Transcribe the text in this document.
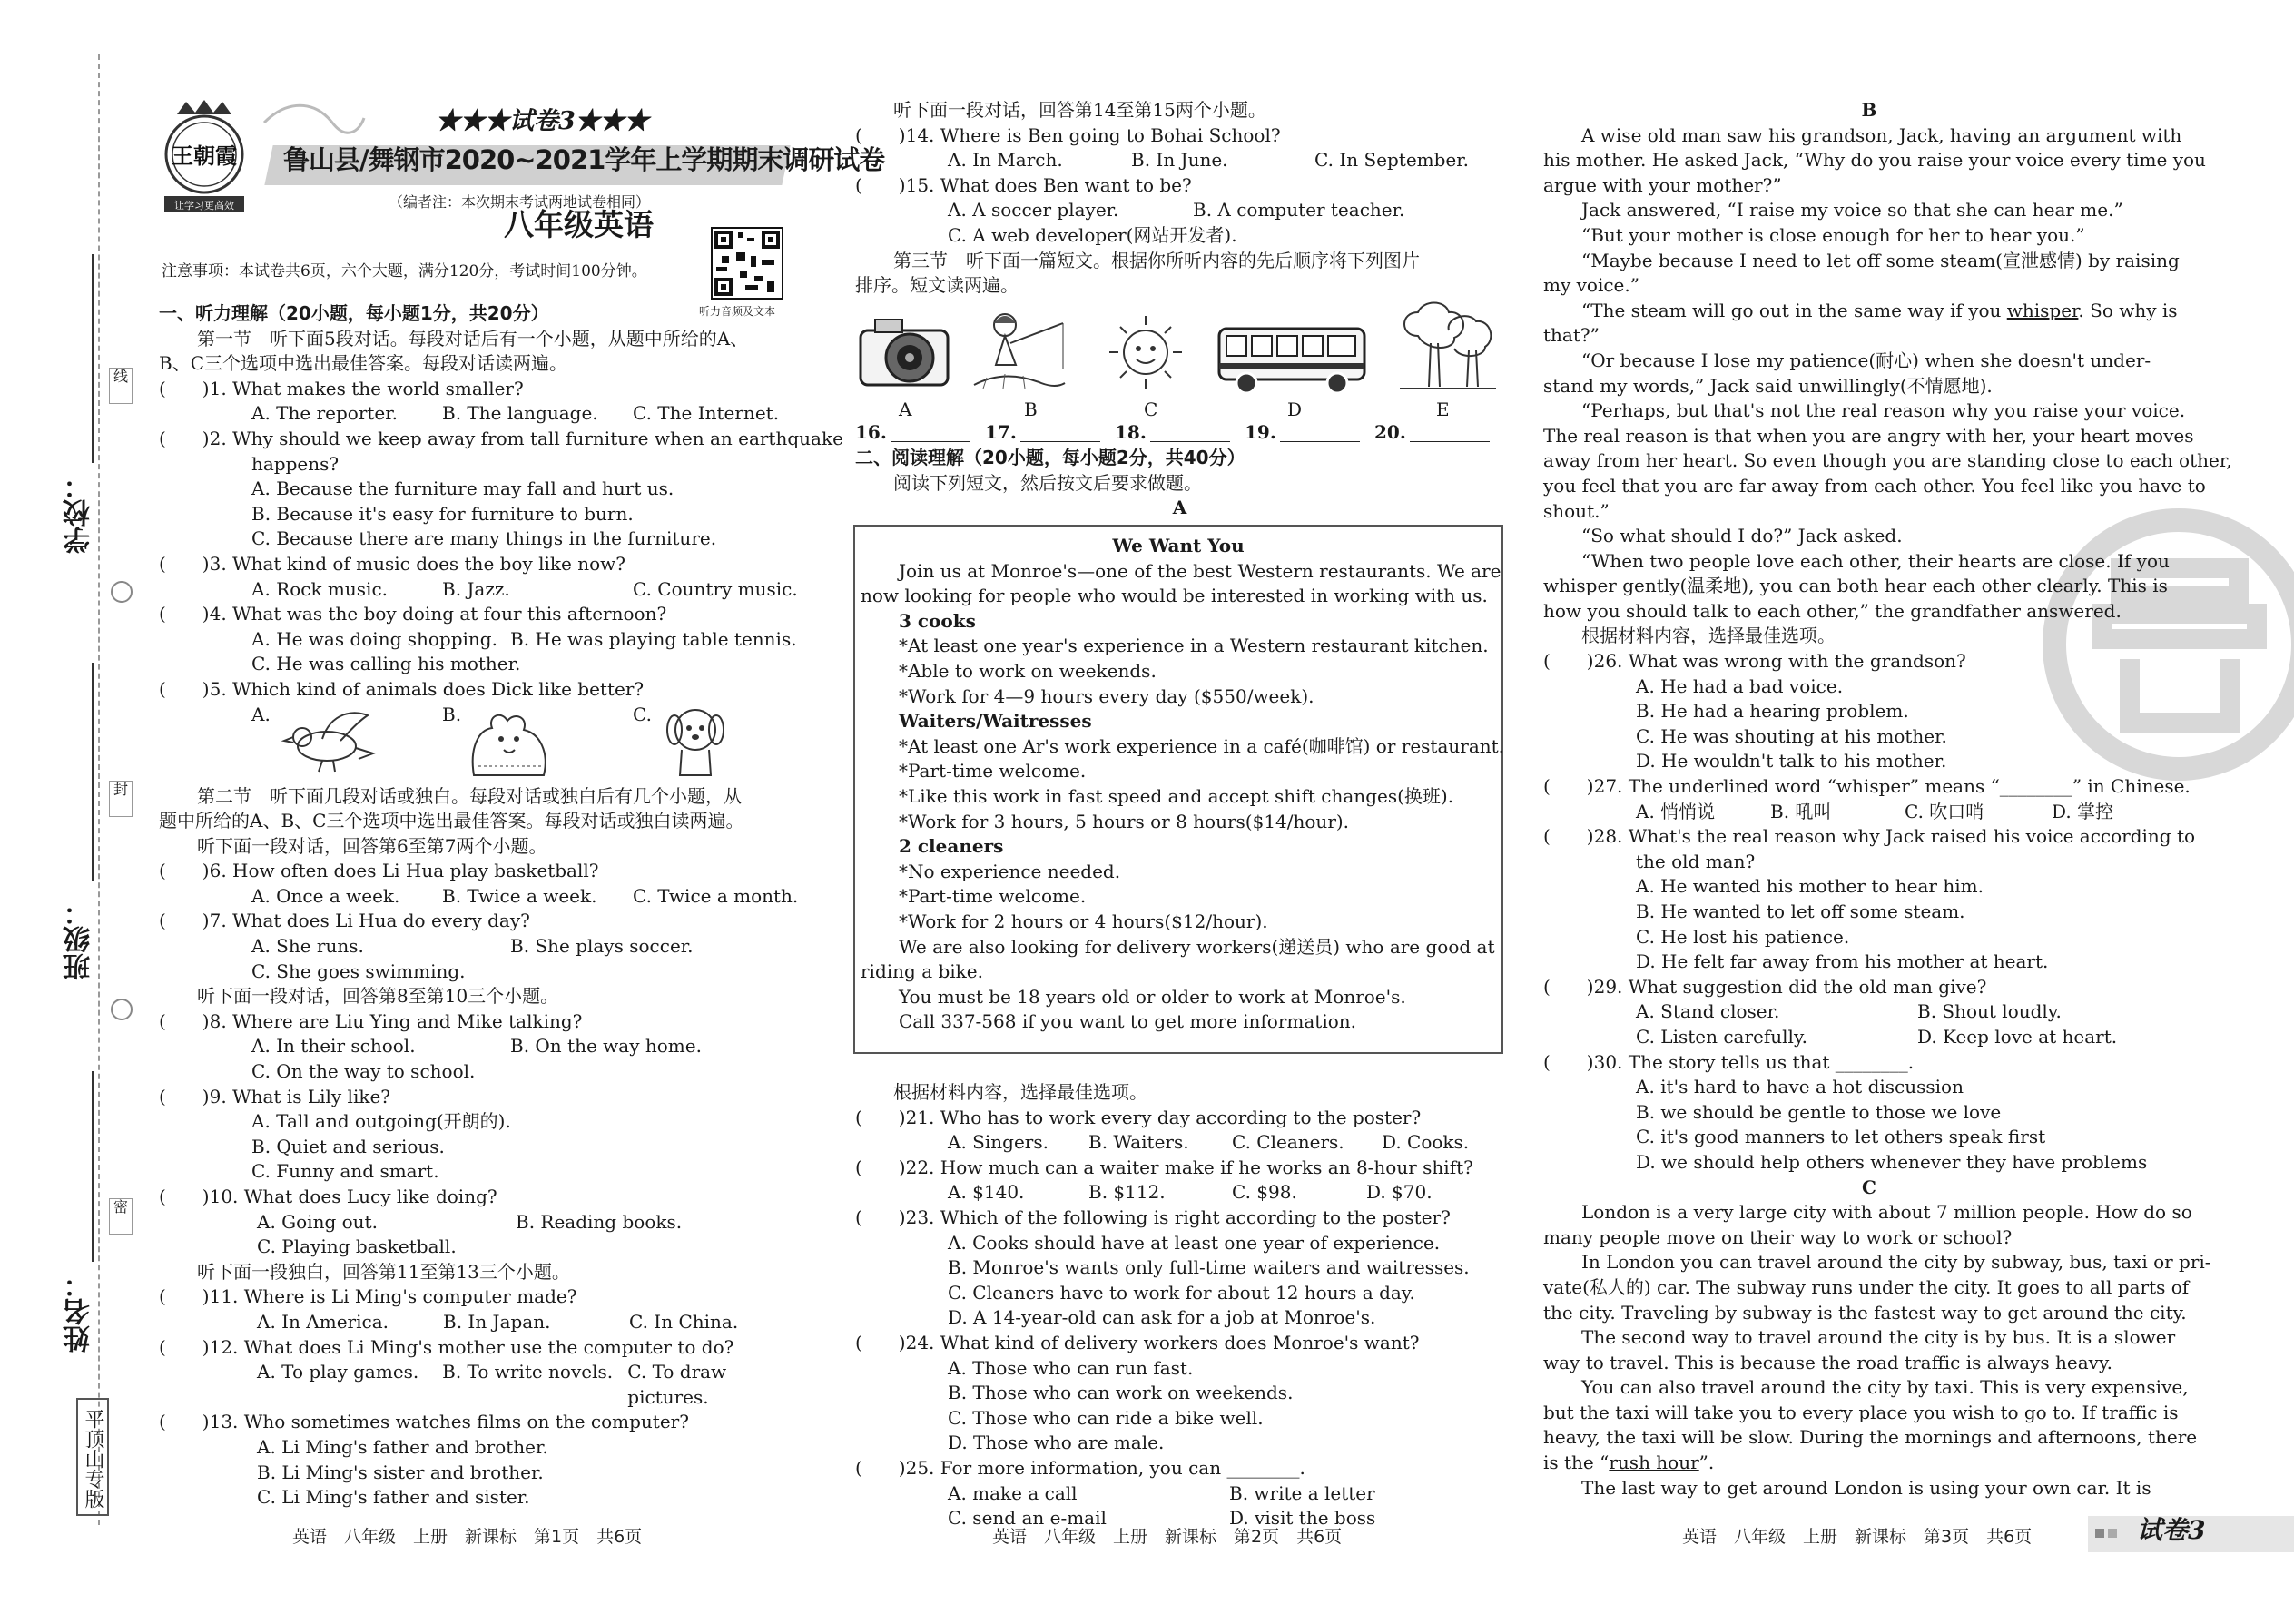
线
封
密
学校：
班级：
姓名：
平顶山专版
王朝霞
让学习更高效
★★★试卷3★★★
鲁山县/舞钢市2020~2021学年上学期期末调研试卷
（编者注：本次期末考试两地试卷相同）
八年级英语
注意事项：本试卷共6页，六个大题，满分120分，考试时间100分钟。
听力音频及文本
一、听力理解（20小题，每小题1分，共20分）
第一节　听下面5段对话。每段对话后有一个小题，从题中所给的A、
B、C三个选项中选出最佳答案。每段对话读两遍。
(　　)1. What makes the world smaller?
A. The reporter.	B. The language.	C. The Internet.
(　　)2. Why should we keep away from tall furniture when an earthquake
happens?
A. Because the furniture may fall and hurt us.
B. Because it's easy for furniture to burn.
C. Because there are many things in the furniture.
(　　)3. What kind of music does the boy like now?
A. Rock music.	B. Jazz.	C. Country music.
(　　)4. What was the boy doing at four this afternoon?
A. He was doing shopping. B. He was playing table tennis.
C. He was calling his mother.
(　　)5. Which kind of animals does Dick like better?
A.	B.	C.
第二节　听下面几段对话或独白。每段对话或独白后有几个小题，从
题中所给的A、B、C三个选项中选出最佳答案。每段对话或独白读两遍。
听下面一段对话，回答第6至第7两个小题。
(　　)6. How often does Li Hua play basketball?
A. Once a week.	B. Twice a week.	C. Twice a month.
(　　)7. What does Li Hua do every day?
A. She runs.	B. She plays soccer.
C. She goes swimming.
听下面一段对话，回答第8至第10三个小题。
(　　)8. Where are Liu Ying and Mike talking?
A. In their school.	B. On the way home.
C. On the way to school.
(　　)9. What is Lily like?
A. Tall and outgoing(开朗的).
B. Quiet and serious.
C. Funny and smart.
(　　)10. What does Lucy like doing?
A. Going out.	B. Reading books.
C. Playing basketball.
听下面一段独白，回答第11至第13三个小题。
(　　)11. Where is Li Ming's computer made?
A. In America.	B. In Japan.	C. In China.
(　　)12. What does Li Ming's mother use the computer to do?
A. To play games.	B. To write novels. C. To draw pictures.
(　　)13. Who sometimes watches films on the computer?
A. Li Ming's father and brother.
B. Li Ming's sister and brother.
C. Li Ming's father and sister.
听下面一段对话，回答第14至第15两个小题。
(　　)14. Where is Ben going to Bohai School?
A. In March.	B. In June.	C. In September.
(　　)15. What does Ben want to be?
A. A soccer player.	B. A computer teacher.
C. A web developer(网站开发者).
第三节　听下面一篇短文。根据你所听内容的先后顺序将下列图片
排序。短文读两遍。
A	B	C	D	E
16.	17.	18.	19.	20.
二、阅读理解（20小题，每小题2分，共40分）
阅读下列短文，然后按文后要求做题。
A
We Want You
Join us at Monroe's—one of the best Western restaurants. We are
now looking for people who would be interested in working with us.
3 cooks
*At least one year's experience in a Western restaurant kitchen.
*Able to work on weekends.
*Work for 4—9 hours every day ($550/week).
Waiters/Waitresses
*At least one Ar's work experience in a café(咖啡馆) or restaurant.
*Part-time welcome.
*Like this work in fast speed and accept shift changes(换班).
*Work for 3 hours, 5 hours or 8 hours($14/hour).
2 cleaners
*No experience needed.
*Part-time welcome.
*Work for 2 hours or 4 hours($12/hour).
We are also looking for delivery workers(递送员) who are good at
riding a bike.
You must be 18 years old or older to work at Monroe's.
Call 337-568 if you want to get more information.
根据材料内容，选择最佳选项。
(　　)21. Who has to work every day according to the poster?
A. Singers.	B. Waiters.	C. Cleaners.	D. Cooks.
(　　)22. How much can a waiter make if he works an 8-hour shift?
A. $140.	B. $112.	C. $98.	D. $70.
(　　)23. Which of the following is right according to the poster?
A. Cooks should have at least one year of experience.
B. Monroe's wants only full-time waiters and waitresses.
C. Cleaners have to work for about 12 hours a day.
D. A 14-year-old can ask for a job at Monroe's.
(　　)24. What kind of delivery workers does Monroe's want?
A. Those who can run fast.
B. Those who can work on weekends.
C. Those who can ride a bike well.
D. Those who are male.
(　　)25. For more information, you can ________.
A. make a call	B. write a letter
C. send an e-mail	D. visit the boss
B
A wise old man saw his grandson, Jack, having an argument with
his mother. He asked Jack, “Why do you raise your voice every time you
argue with your mother?”
Jack answered, “I raise my voice so that she can hear me.”
“But your mother is close enough for her to hear you.”
“Maybe because I need to let off some steam(宣泄感情) by raising
my voice.”
“The steam will go out in the same way if you whisper. So why is
that?”
“Or because I lose my patience(耐心) when she doesn't under-
stand my words,” Jack said unwillingly(不情愿地).
“Perhaps, but that's not the real reason why you raise your voice.
The real reason is that when you are angry with her, your heart moves
away from her heart. So even though you are standing close to each other,
you feel that you are far away from each other. You feel like you have to
shout.”
“So what should I do?” Jack asked.
“When two people love each other, their hearts are close. If you
whisper gently(温柔地), you can both hear each other clearly. This is
how you should talk to each other,” the grandfather answered.
根据材料内容，选择最佳选项。
(　　)26. What was wrong with the grandson?
A. He had a bad voice.
B. He had a hearing problem.
C. He was shouting at his mother.
D. He wouldn't talk to his mother.
(　　)27. The underlined word “whisper” means “________” in Chinese.
A. 悄悄说	B. 吼叫	C. 吹口哨	D. 掌控
(　　)28. What's the real reason why Jack raised his voice according to
the old man?
A. He wanted his mother to hear him.
B. He wanted to let off some steam.
C. He lost his patience.
D. He felt far away from his mother at heart.
(　　)29. What suggestion did the old man give?
A. Stand closer.	B. Shout loudly.
C. Listen carefully.	D. Keep love at heart.
(　　)30. The story tells us that ________.
A. it's hard to have a hot discussion
B. we should be gentle to those we love
C. it's good manners to let others speak first
D. we should help others whenever they have problems
C
London is a very large city with about 7 million people. How do so
many people move on their way to work or school?
In London you can travel around the city by subway, bus, taxi or pri-
vate(私人的) car. The subway runs under the city. It goes to all parts of
the city. Traveling by subway is the fastest way to get around the city.
The second way to travel around the city is by bus. It is a slower
way to travel. This is because the road traffic is always heavy.
You can also travel around the city by taxi. This is very expensive,
but the taxi will take you to every place you wish to go to. If traffic is
heavy, the taxi will be slow. During the mornings and afternoons, there
is the “rush hour”.
The last way to get around London is using your own car. It is
英语　八年级　上册　新课标　第1页　共6页	英语　八年级　上册　新课标　第2页　共6页	英语　八年级　上册　新课标　第3页　共6页	试卷3
